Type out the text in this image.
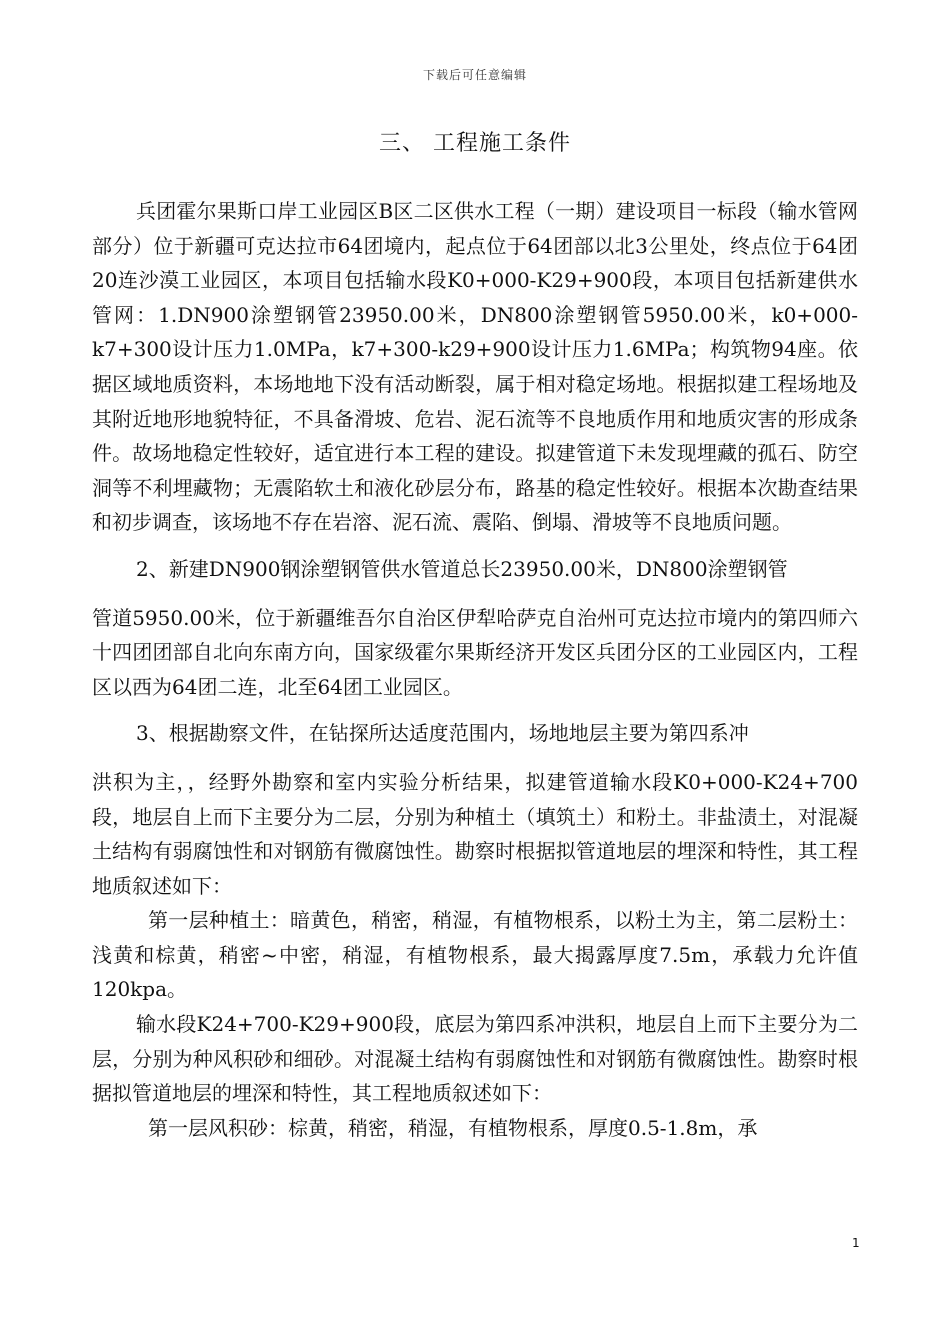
下载后可任意编辑
三、 工程施工条件

兵团霍尔果斯口岸工业园区B区二区供水工程（一期）建设项目一标段（输水管网部分）位于新疆可克达拉市64团境内，起点位于64团部以北3公里处，终点位于64团20连沙漠工业园区，本项目包括输水段K0+000-K29+900段，本项目包括新建供水管网：1.DN900涂塑钢管23950.00米，DN800涂塑钢管5950.00米，k0+000-k7+300设计压力1.0MPa，k7+300-k29+900设计压力1.6MPa；构筑物94座。依据区域地质资料，本场地地下没有活动断裂，属于相对稳定场地。根据拟建工程场地及其附近地形地貌特征，不具备滑坡、危岩、泥石流等不良地质作用和地质灾害的形成条件。故场地稳定性较好，适宜进行本工程的建设。拟建管道下未发现埋藏的孤石、防空洞等不利埋藏物；无震陷软土和液化砂层分布，路基的稳定性较好。根据本次勘查结果和初步调查，该场地不存在岩溶、泥石流、震陷、倒塌、滑坡等不良地质问题。

2、新建DN900钢涂塑钢管供水管道总长23950.00米，DN800涂塑钢管
管道5950.00米，位于新疆维吾尔自治区伊犁哈萨克自治州可克达拉市境内的第四师六十四团团部自北向东南方向，国家级霍尔果斯经济开发区兵团分区的工业园区内，工程区以西为64团二连，北至64团工业园区。

3、根据勘察文件，在钻探所达适度范围内，场地地层主要为第四系冲
洪积为主，，经野外勘察和室内实验分析结果，拟建管道输水段K0+000-K24+700段，地层自上而下主要分为二层，分别为种植土（填筑土）和粉土。非盐渍土，对混凝土结构有弱腐蚀性和对钢筋有微腐蚀性。勘察时根据拟管道地层的埋深和特性，其工程地质叙述如下：

第一层种植土：暗黄色，稍密，稍湿，有植物根系，以粉土为主，第二层粉土：浅黄和棕黄，稍密~中密，稍湿，有植物根系，最大揭露厚度7.5m，承载力允许值120kpa。

输水段K24+700-K29+900段，底层为第四系冲洪积，地层自上而下主要分为二层，分别为种风积砂和细砂。对混凝土结构有弱腐蚀性和对钢筋有微腐蚀性。勘察时根据拟管道地层的埋深和特性，其工程地质叙述如下：

第一层风积砂：棕黄，稍密，稍湿，有植物根系，厚度0.5-1.8m，承

1
